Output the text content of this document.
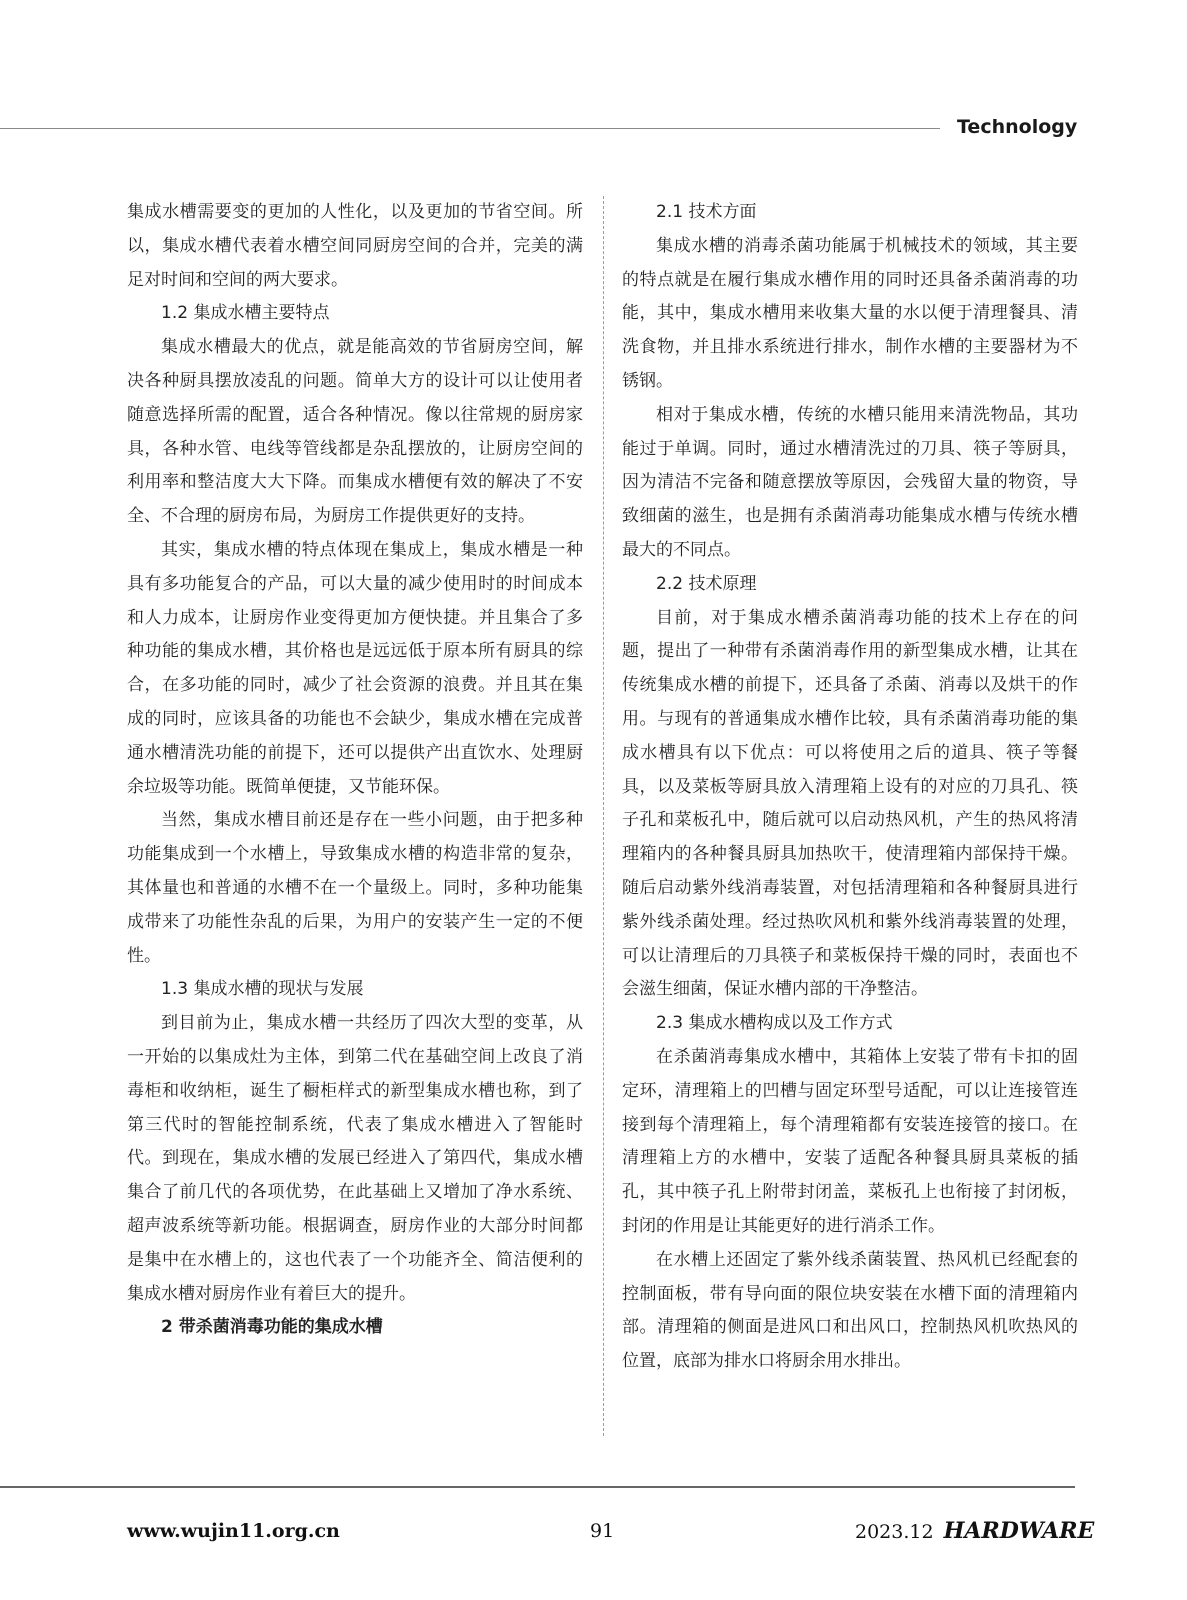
Technology

集成水槽需要变的更加的人性化，以及更加的节省空间。所以，集成水槽代表着水槽空间同厨房空间的合并，完美的满足对时间和空间的两大要求。

1.2 集成水槽主要特点

集成水槽最大的优点，就是能高效的节省厨房空间，解决各种厨具摆放凌乱的问题。简单大方的设计可以让使用者随意选择所需的配置，适合各种情况。像以往常规的厨房家具，各种水管、电线等管线都是杂乱摆放的，让厨房空间的利用率和整洁度大大下降。而集成水槽便有效的解决了不安全、不合理的厨房布局，为厨房工作提供更好的支持。

其实，集成水槽的特点体现在集成上，集成水槽是一种具有多功能复合的产品，可以大量的减少使用时的时间成本和人力成本，让厨房作业变得更加方便快捷。并且集合了多种功能的集成水槽，其价格也是远远低于原本所有厨具的综合，在多功能的同时，减少了社会资源的浪费。并且其在集成的同时，应该具备的功能也不会缺少，集成水槽在完成普通水槽清洗功能的前提下，还可以提供产出直饮水、处理厨余垃圾等功能。既简单便捷，又节能环保。

当然，集成水槽目前还是存在一些小问题，由于把多种功能集成到一个水槽上，导致集成水槽的构造非常的复杂，其体量也和普通的水槽不在一个量级上。同时，多种功能集成带来了功能性杂乱的后果，为用户的安装产生一定的不便性。

1.3 集成水槽的现状与发展

到目前为止，集成水槽一共经历了四次大型的变革，从一开始的以集成灶为主体，到第二代在基础空间上改良了消毒柜和收纳柜，诞生了橱柜样式的新型集成水槽也称，到了第三代时的智能控制系统，代表了集成水槽进入了智能时代。到现在，集成水槽的发展已经进入了第四代，集成水槽集合了前几代的各项优势，在此基础上又增加了净水系统、超声波系统等新功能。根据调查，厨房作业的大部分时间都是集中在水槽上的，这也代表了一个功能齐全、简洁便利的集成水槽对厨房作业有着巨大的提升。

2 带杀菌消毒功能的集成水槽

2.1 技术方面

集成水槽的消毒杀菌功能属于机械技术的领域，其主要的特点就是在履行集成水槽作用的同时还具备杀菌消毒的功能，其中，集成水槽用来收集大量的水以便于清理餐具、清洗食物，并且排水系统进行排水，制作水槽的主要器材为不锈钢。

相对于集成水槽，传统的水槽只能用来清洗物品，其功能过于单调。同时，通过水槽清洗过的刀具、筷子等厨具，因为清洁不完备和随意摆放等原因，会残留大量的物资，导致细菌的滋生，也是拥有杀菌消毒功能集成水槽与传统水槽最大的不同点。

2.2 技术原理

目前，对于集成水槽杀菌消毒功能的技术上存在的问题，提出了一种带有杀菌消毒作用的新型集成水槽，让其在传统集成水槽的前提下，还具备了杀菌、消毒以及烘干的作用。与现有的普通集成水槽作比较，具有杀菌消毒功能的集成水槽具有以下优点：可以将使用之后的道具、筷子等餐具，以及菜板等厨具放入清理箱上设有的对应的刀具孔、筷子孔和菜板孔中，随后就可以启动热风机，产生的热风将清理箱内的各种餐具厨具加热吹干，使清理箱内部保持干燥。随后启动紫外线消毒装置，对包括清理箱和各种餐厨具进行紫外线杀菌处理。经过热吹风机和紫外线消毒装置的处理，可以让清理后的刀具筷子和菜板保持干燥的同时，表面也不会滋生细菌，保证水槽内部的干净整洁。

2.3 集成水槽构成以及工作方式

在杀菌消毒集成水槽中，其箱体上安装了带有卡扣的固定环，清理箱上的凹槽与固定环型号适配，可以让连接管连接到每个清理箱上，每个清理箱都有安装连接管的接口。在清理箱上方的水槽中，安装了适配各种餐具厨具菜板的插孔，其中筷子孔上附带封闭盖，菜板孔上也衔接了封闭板，封闭的作用是让其能更好的进行消杀工作。

在水槽上还固定了紫外线杀菌装置、热风机已经配套的控制面板，带有导向面的限位块安装在水槽下面的清理箱内部。清理箱的侧面是进风口和出风口，控制热风机吹热风的位置，底部为排水口将厨余用水排出。

www.wujin11.org.cn	91	2023.12 HARDWARE
